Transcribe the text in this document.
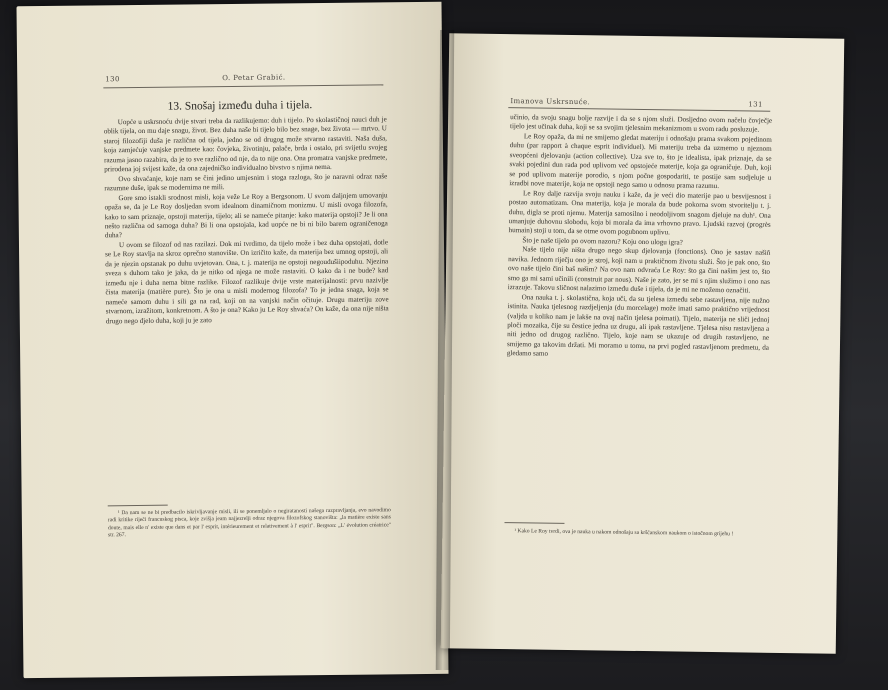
130	O. Petar Grabić.
13. Snošaj između duha i tijela.

Uopće u uskrsnoću dvije stvari treba da razlikujemo: duh i tijelo. Po skolastičnoj nauci duh je oblik tijela, on mu daje snagu, život. Bez duha naše bi tijelo bilo bez snage, bez života — mrtvo. U staroj filozofiji duša je različna od tijela, jedno se od drugog može stvarno rastaviti. Naša duša, koja zamjećuje vanjske predmete kao: čovjeka, životinju, palače, brda i ostalo, pri svijetlu svojeg razuma jasno razabira, da je to sve različno od nje, da to nije ona. Ona promatra vanjske predmete, prirodena joj svijest kaže, da ona zajedničko individualno bivstvo s njima nema.

Ovo shvaćanje, koje nam se čini jedino umjesnim i stoga razloga, što je naravni odraz naše razumne duše, ipak se modernima ne mili.

Gore smo istakli srodnost misli, koja veže Le Roy a Bergsonom. U svom daljnjem umovanju opaža se, da je Le Roy dosljedan svom idealnom dinamičnom monizmu. U misli ovoga filozofa, kako to sam priznaje, opstoji materija, tijelo; ali se nameće pitanje: kako materija opstoji? Je li ona nešto različna od samoga duha? Bi li ona opstojala, kad uopće ne bi ni bilo barem ograničenoga duha?

U ovom se filozof od nas razilazi. Dok mi tvrdimo, da tijelo može i bez duha opstojati, dotle se Le Roy stavlja na skroz oprečno stanovište. On izričito kaže, da materija bez umnog opstoji, ali da je njezin opstanak po duhu uvjetovan. Ona, t. j. materija ne opstoji negoudušiipoduhu. Njezina sveza s duhom tako je jaka, da je nitko od njega ne može rastaviti. O kako da i ne bude? kad između nje i duha nema bitne razlike. Filozof razlikuje dvije vrste materijalnosti: prvu nazivlje čista materija (matière pure). Što je ona u misli modernog filozofa? To je jedna snaga, koja se nameće samom duhu i sili ga na rad, koji on na vanjski način očituje. Drugu materiju zove stvarnom, izražitom, konkretnom. A što je ona? Kako ju Le Roy shvaća? On kaže, da ona nije ništa drugo nego djelo duha, koji ju je zato

¹ Da nam se ne bi predbacilo iskrivljavanje misli, ili se ponemljalo o negiratanosti našega razpravljanja, evo navodimo radi kritike riječi francuskog pisca, koje zvišja jeam najjezrelji odraz njegova filozofskog stanovišta: „la matière existe sans doute, mais elle n' existe que dans et par l' esprit, intérieurement et relativement à l' esprit". Bergson: „L' évolution créatrice" str. 267.

Imanova Uskrsnuće.	131

učinio, da svoju snagu bolje razvije i da se s njom služi. Dosljedno ovom načelu čovječje tijelo jest učinak duha, koji se sa svojim tjelesnim mekanizmom u svom radu posluzuje.

Le Roy opaža, da mi ne smijemo gledat materiju i odnošaju prama svakom pojedinom duhu (par rapport à chaque esprit individuel). Mi materiju treba da uzmemo u njeznom sveopćeni djelovanju (action collective). Uza sve to, što je idealista, ipak priznaje, da se svaki pojedini dun rada pod uplivom već opstojeće materije, koja ga ograničuje. Duh, koji se pod uplivom materije porodio, s njom počne gospodariti, te postije sam sudjeluje u izradbi nove materije, koja ne opstoji nego samo u odnosu prama razumu.

Le Roy dalje razvija svoju nauku i kaže, da je veći dio materije pao u besvijesnost i postao automatizam. Ona materija, koja je morala da bude pokorna svom stvoritelju t. j. duhu, digla se proti njemu. Materija samosilno i neodoljivom snagom djeluje na duh¹. Ona umanjuje duhovnu slobodu, koja bi morala da ima vrhovno pravo. Ljudski razvoj (progrès humain) stoji u tom, da se otme ovom pogubnom uplivu.

Što je naše tijelo po ovom nazoru? Koju ono ulogu igra?

Naše tijelo nije ništa drugo nego skup djelovanja (fonctions). Ono je sastav našiñ navika. Jednom riječju ono je stroj, koji nam u praktičnom životu služi. Što je pak ono, što ovo naše tijelo čini baš našim? Na ovo nam odvraća Le Roy: što ga čini našim jest to, što smo ga mi sami učinili (construit par nous). Naše je zato, jer se mi s njim služimo i ono nas izrazuje. Takovu sličnost nalazimo između duše i tijela, da je mi ne možemo označiti.

Ona nauka t. j. skolastična, koja uči, da su tjelesa između sebe rastavljena, nije nužno istinita. Nauka tjelesnog razdjeljenja (du morcelage) može imati samo praktično vrijednost (valjda u koliko nam je lakše na ovaj način tjelesa poimati). Tijelo, materija ne sliči jednoj ploči mozaika, čije su čestice jedna uz drugu, ali ipak rastavljene. Tjelesa nisu rastavljena a niti jedno od drugog različno. Tijelo, koje nam se ukazuje od drugih rastavljeno, ne smijemo ga takovim držati. Mi moramo u tomu, na prvi pogled rastavljenom predmetu, da gledamo samo

¹ Kako Le Roy tvrdi, ova je nauka u nakom odnošaju sa kršćanskom naukom o istočnom grijehu !
